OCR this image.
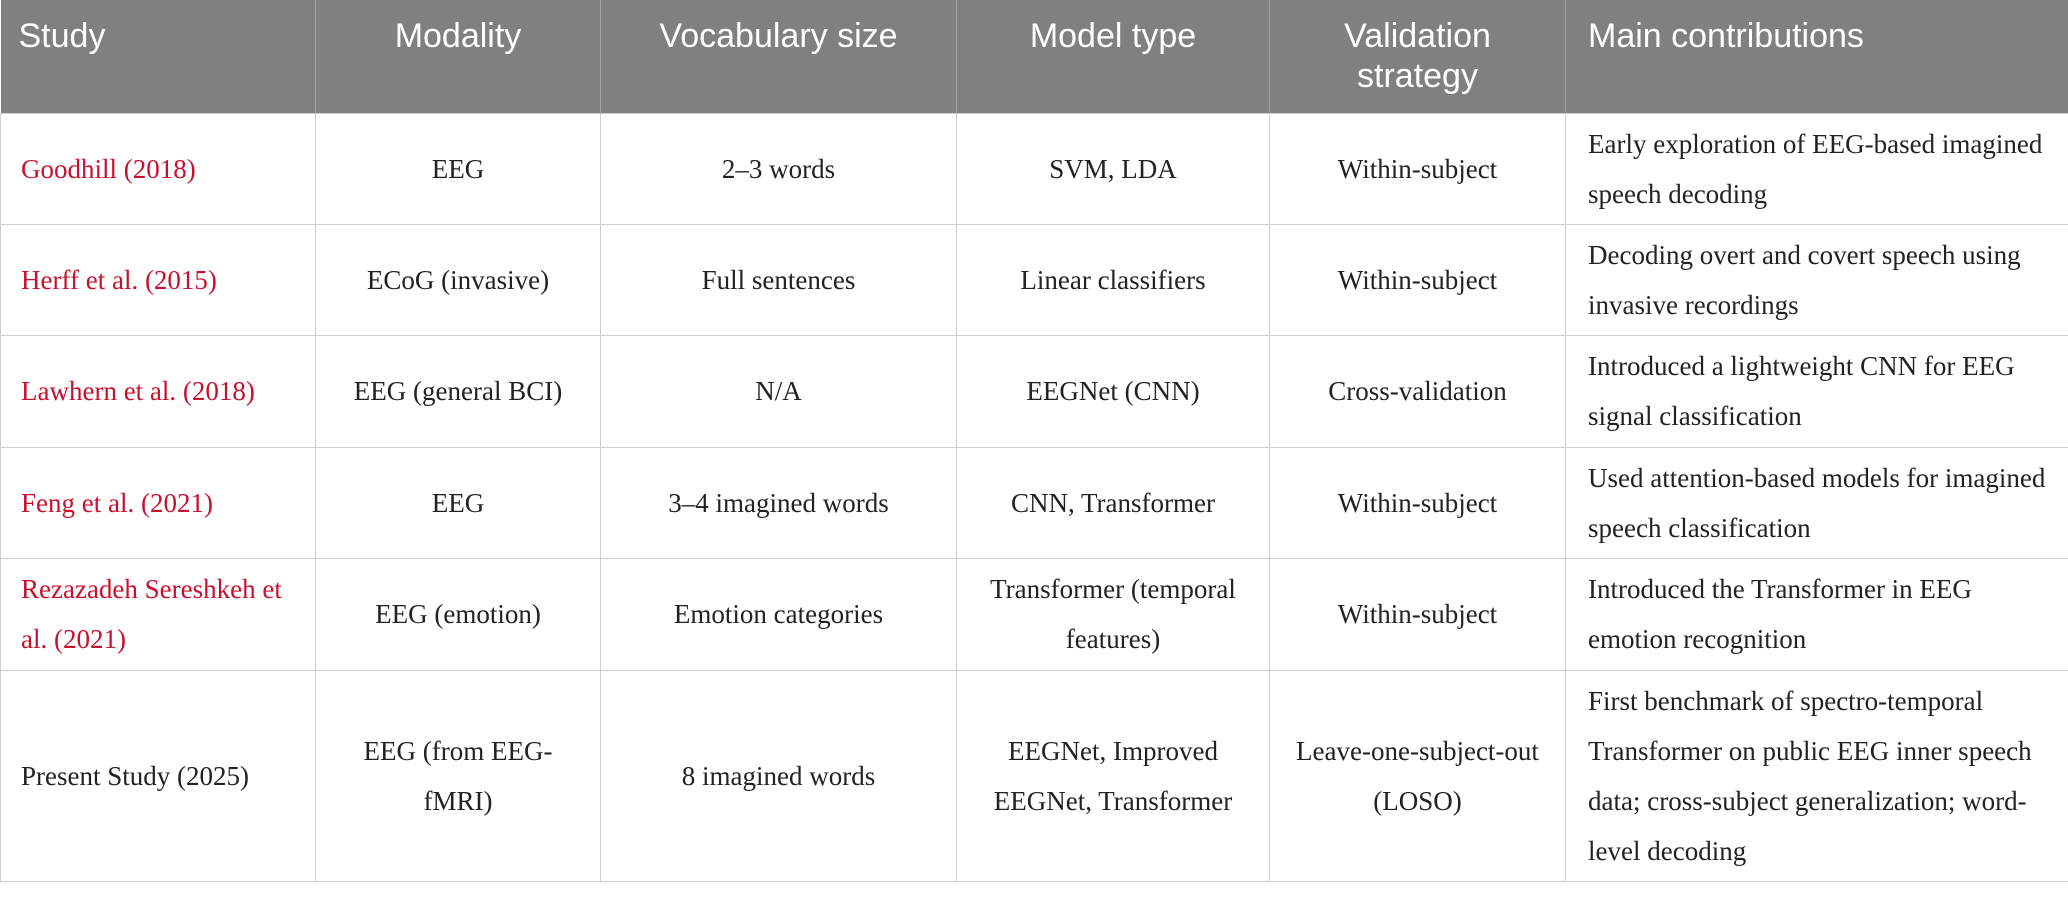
Study	Modality	Vocabulary size	Model type	Validation strategy	Main contributions
Goodhill (2018)	EEG	2–3 words	SVM, LDA	Within-subject	Early exploration of EEG-based imagined speech decoding
Herff et al. (2015)	ECoG (invasive)	Full sentences	Linear classifiers	Within-subject	Decoding overt and covert speech using invasive recordings
Lawhern et al. (2018)	EEG (general BCI)	N/A	EEGNet (CNN)	Cross-validation	Introduced a lightweight CNN for EEG signal classification
Feng et al. (2021)	EEG	3–4 imagined words	CNN, Transformer	Within-subject	Used attention-based models for imagined speech classification
Rezazadeh Sereshkeh et al. (2021)	EEG (emotion)	Emotion categories	Transformer (temporal features)	Within-subject	Introduced the Transformer in EEG emotion recognition
Present Study (2025)	EEG (from EEG-fMRI)	8 imagined words	EEGNet, Improved EEGNet, Transformer	Leave-one-subject-out (LOSO)	First benchmark of spectro-temporal Transformer on public EEG inner speech data; cross-subject generalization; word-level decoding
